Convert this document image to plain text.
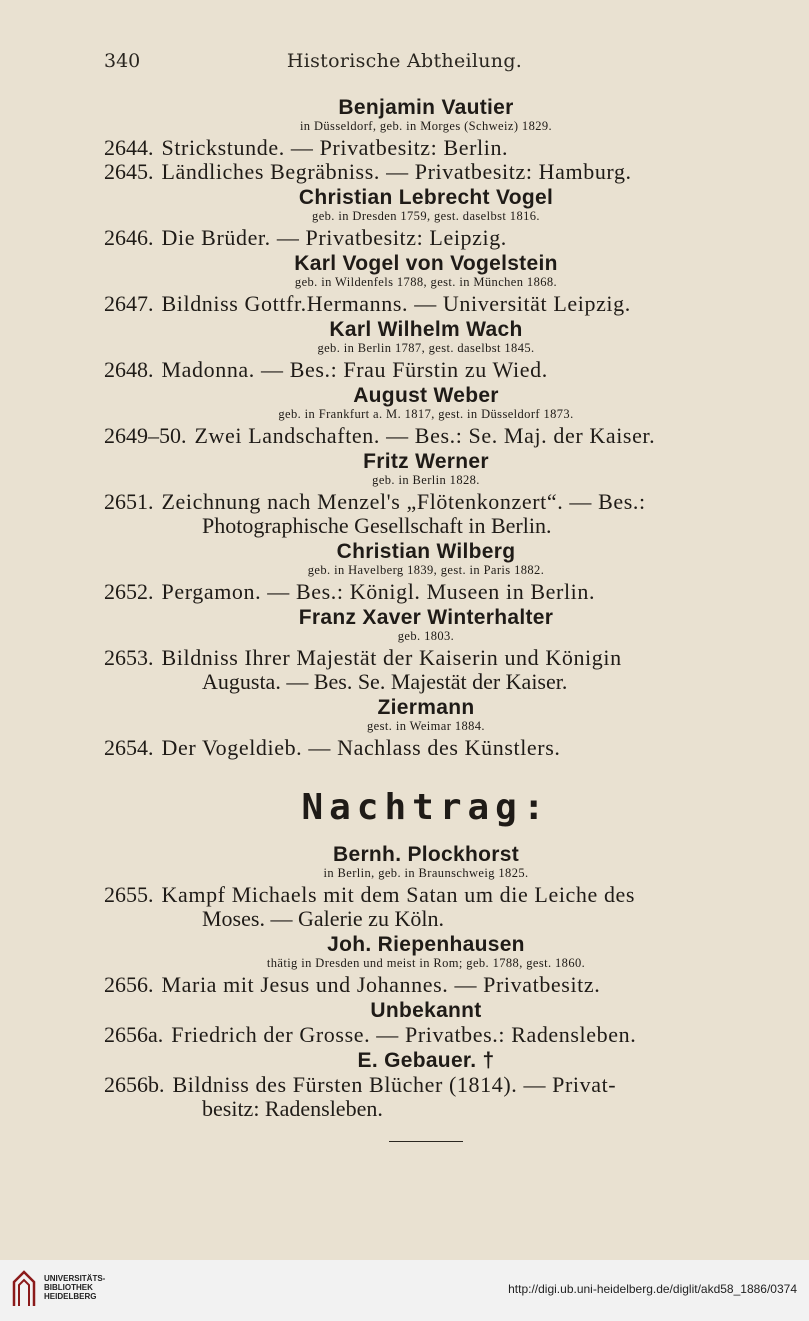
340	Historische Abtheilung.
Benjamin Vautier
in Düsseldorf, geb. in Morges (Schweiz) 1829.
2644. Strickstunde. — Privatbesitz: Berlin.
2645. Ländliches Begräbniss. — Privatbesitz: Hamburg.
Christian Lebrecht Vogel
geb. in Dresden 1759, gest. daselbst 1816.
2646. Die Brüder. — Privatbesitz: Leipzig.
Karl Vogel von Vogelstein
geb. in Wildenfels 1788, gest. in München 1868.
2647. Bildniss Gottfr.Hermanns. — Universität Leipzig.
Karl Wilhelm Wach
geb. in Berlin 1787, gest. daselbst 1845.
2648. Madonna. — Bes.: Frau Fürstin zu Wied.
August Weber
geb. in Frankfurt a. M. 1817, gest. in Düsseldorf 1873.
2649–50. Zwei Landschaften. — Bes.: Se. Maj. der Kaiser.
Fritz Werner
geb. in Berlin 1828.
2651. Zeichnung nach Menzel's „Flötenkonzert“. — Bes.:
Photographische Gesellschaft in Berlin.
Christian Wilberg
geb. in Havelberg 1839, gest. in Paris 1882.
2652. Pergamon. — Bes.: Königl. Museen in Berlin.
Franz Xaver Winterhalter
geb. 1803.
2653. Bildniss Ihrer Majestät der Kaiserin und Königin
Augusta. — Bes. Se. Majestät der Kaiser.
Ziermann
gest. in Weimar 1884.
2654. Der Vogeldieb. — Nachlass des Künstlers.
Nachtrag:
Bernh. Plockhorst
in Berlin, geb. in Braunschweig 1825.
2655. Kampf Michaels mit dem Satan um die Leiche des
Moses. — Galerie zu Köln.
Joh. Riepenhausen
thätig in Dresden und meist in Rom; geb. 1788, gest. 1860.
2656. Maria mit Jesus und Johannes. — Privatbesitz.
Unbekannt
2656a. Friedrich der Grosse. — Privatbes.: Radensleben.
E. Gebauer. †
2656b. Bildniss des Fürsten Blücher (1814). — Privat-
besitz: Radensleben.
UNIVERSITÄTS-
BIBLIOTHEK
HEIDELBERG
http://digi.ub.uni-heidelberg.de/diglit/akd58_1886/0374
